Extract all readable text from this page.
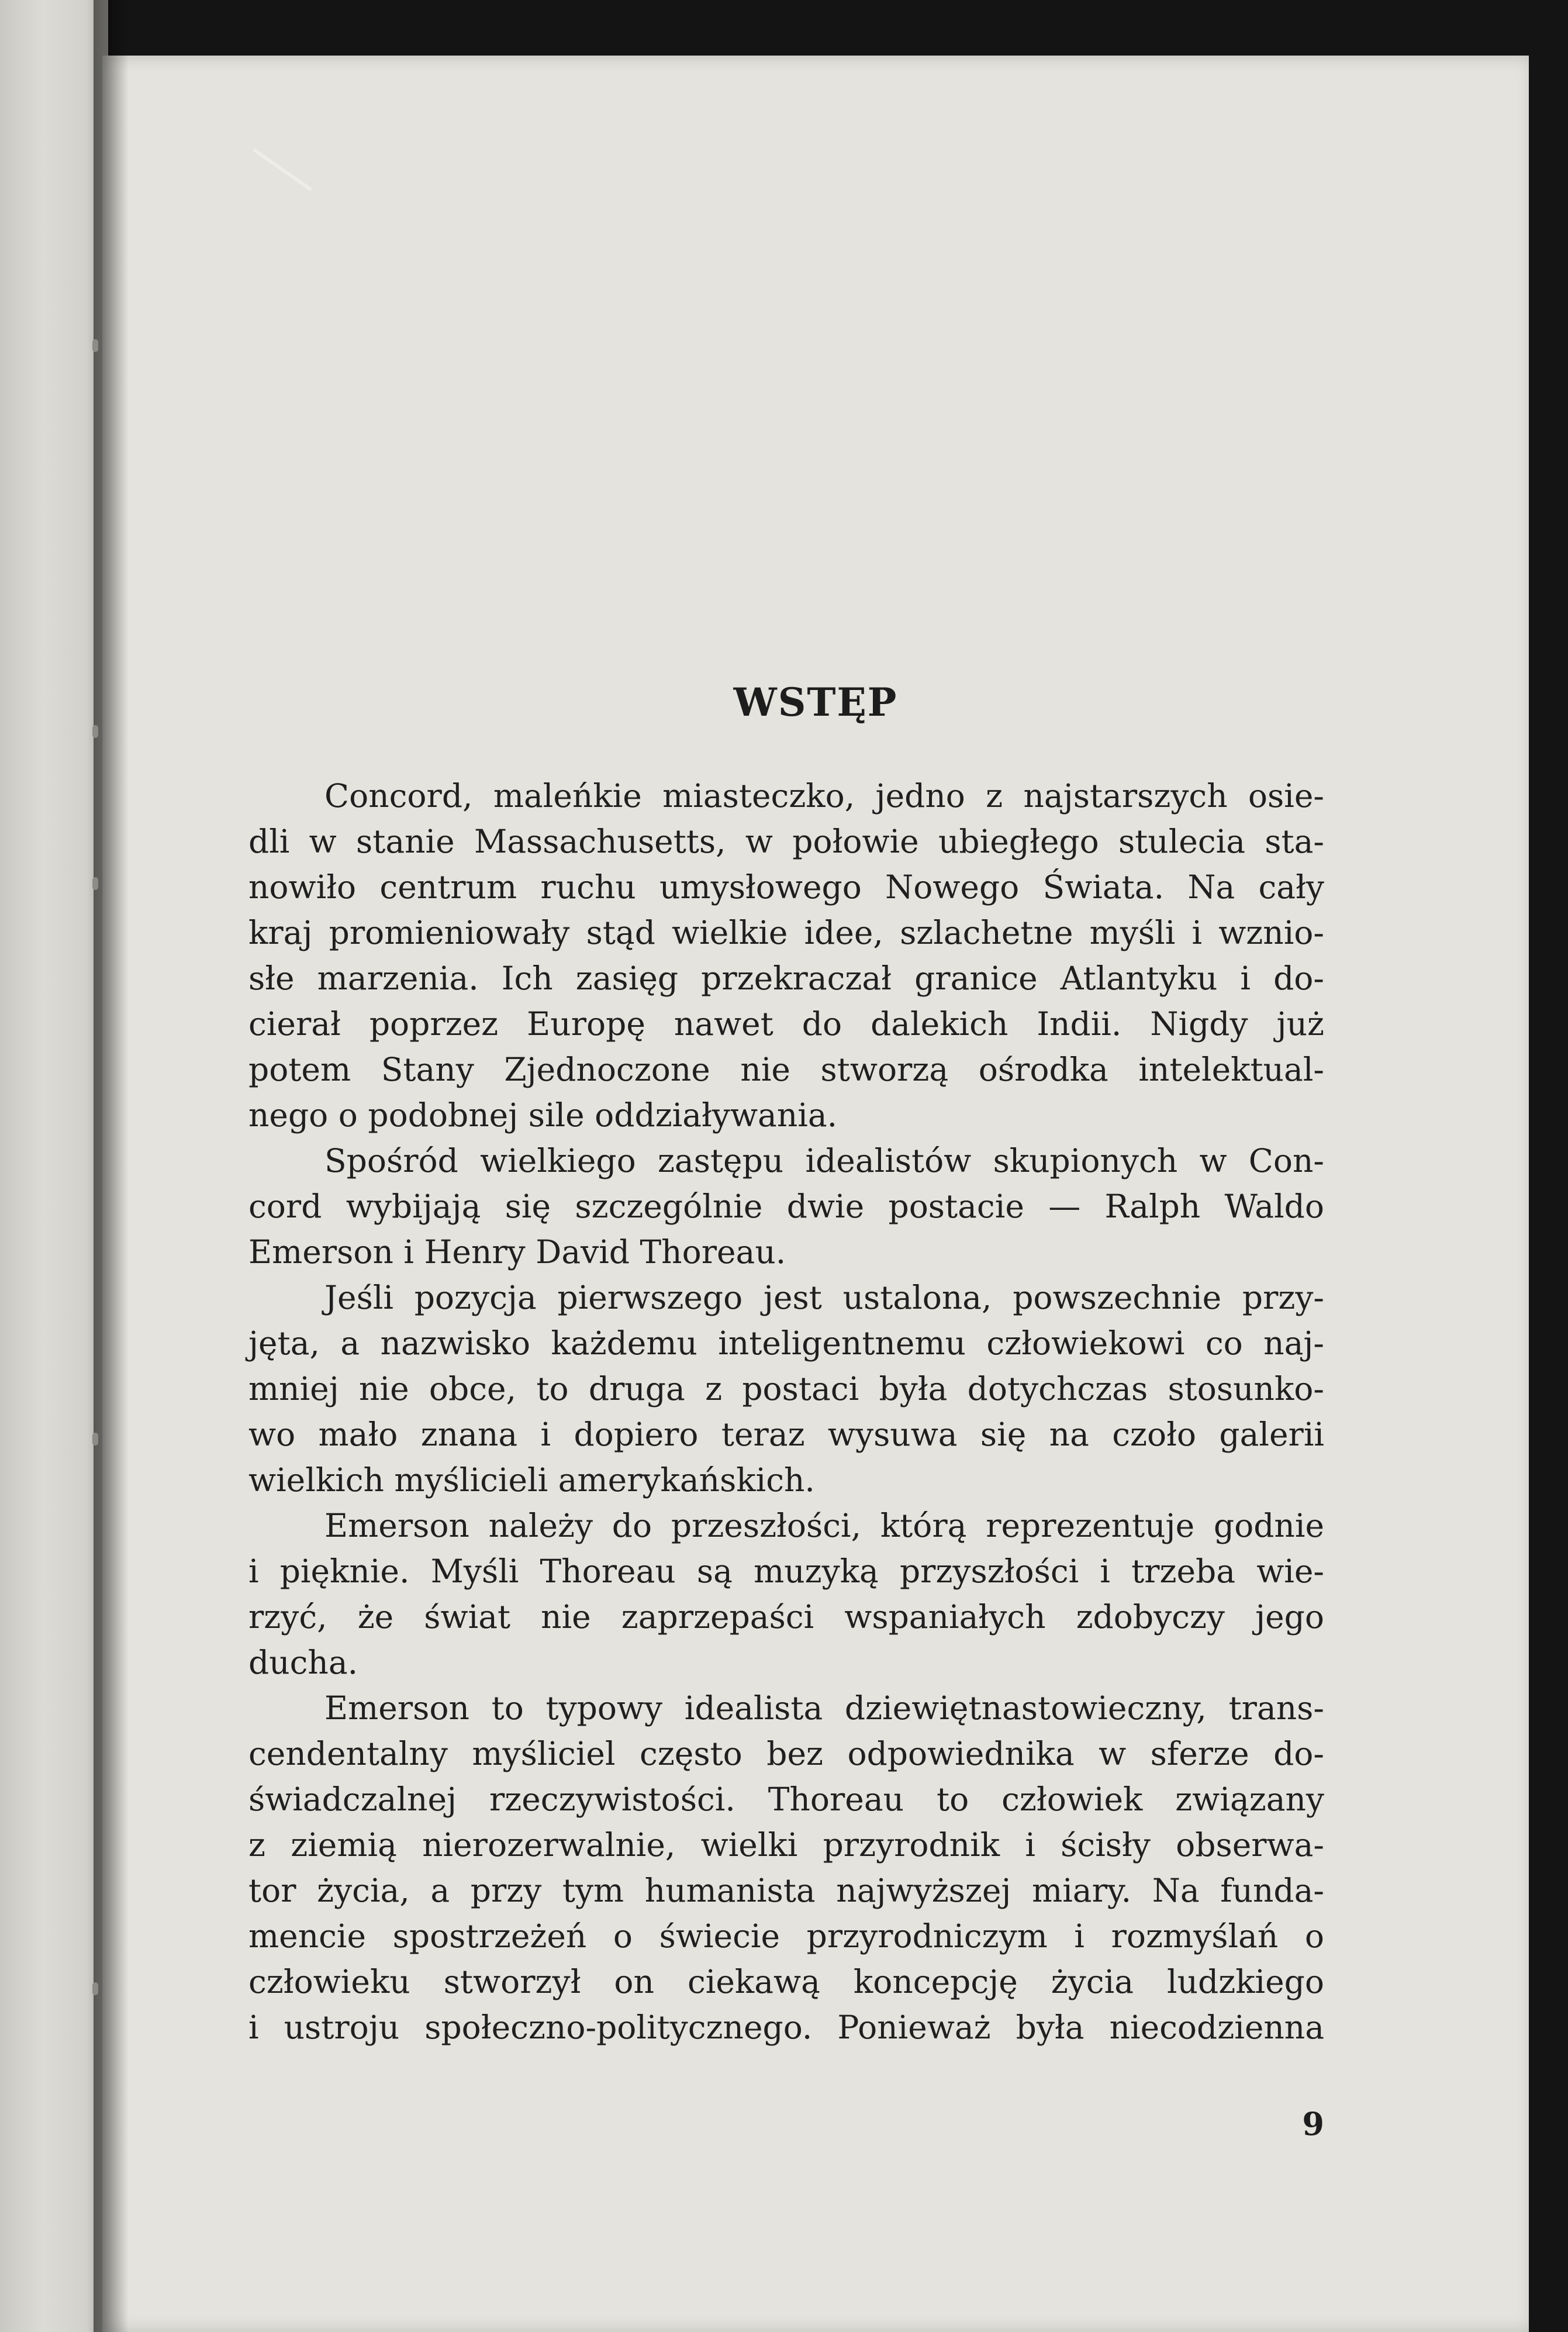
WSTĘP
Concord, maleńkie miasteczko, jedno z najstarszych osie-
dli w stanie Massachusetts, w połowie ubiegłego stulecia sta-
nowiło centrum ruchu umysłowego Nowego Świata. Na cały
kraj promieniowały stąd wielkie idee, szlachetne myśli i wznio-
słe marzenia. Ich zasięg przekraczał granice Atlantyku i do-
cierał poprzez Europę nawet do dalekich Indii. Nigdy już
potem Stany Zjednoczone nie stworzą ośrodka intelektual-
nego o podobnej sile oddziaływania.
Spośród wielkiego zastępu idealistów skupionych w Con-
cord wybijają się szczególnie dwie postacie — Ralph Waldo
Emerson i Henry David Thoreau.
Jeśli pozycja pierwszego jest ustalona, powszechnie przy-
jęta, a nazwisko każdemu inteligentnemu człowiekowi co naj-
mniej nie obce, to druga z postaci była dotychczas stosunko-
wo mało znana i dopiero teraz wysuwa się na czoło galerii
wielkich myślicieli amerykańskich.
Emerson należy do przeszłości, którą reprezentuje godnie
i pięknie. Myśli Thoreau są muzyką przyszłości i trzeba wie-
rzyć, że świat nie zaprzepaści wspaniałych zdobyczy jego
ducha.
Emerson to typowy idealista dziewiętnastowieczny, trans-
cendentalny myśliciel często bez odpowiednika w sferze do-
świadczalnej rzeczywistości. Thoreau to człowiek związany
z ziemią nierozerwalnie, wielki przyrodnik i ścisły obserwa-
tor życia, a przy tym humanista najwyższej miary. Na funda-
mencie spostrzeżeń o świecie przyrodniczym i rozmyślań o
człowieku stworzył on ciekawą koncepcję życia ludzkiego
i ustroju społeczno-politycznego. Ponieważ była niecodzienna
9
